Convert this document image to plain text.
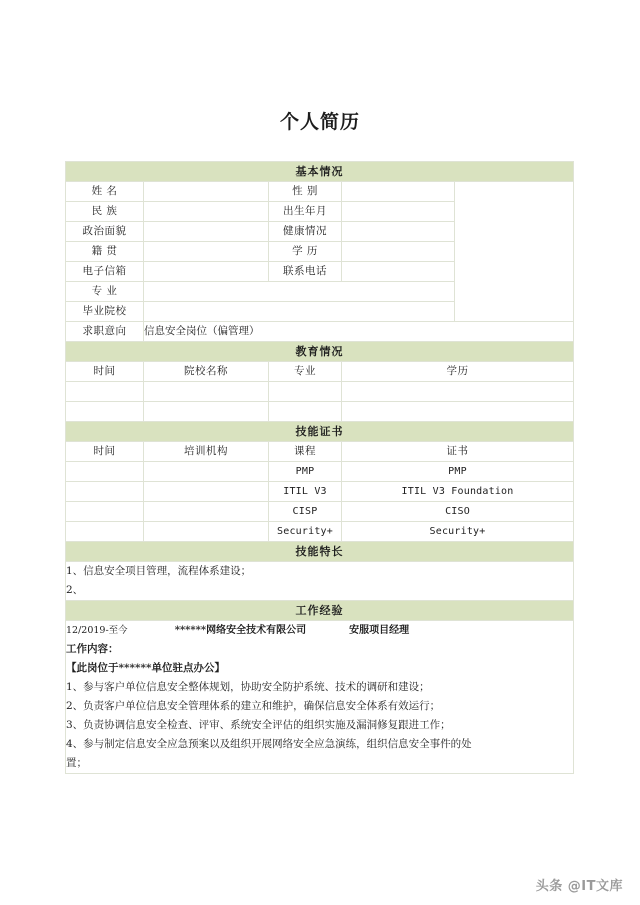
个人简历
基本情况				
姓 名		性 别		
民 族		出生年月		
政治面貌		健康情况		
籍 贯		学 历		
电子信箱		联系电话		
专 业				
毕业院校				
求职意向	信息安全岗位（偏管理）			
教育情况				
时间	院校名称	专业	学历	

技能证书				
时间	培训机构	课程	证书	
		PMP	PMP	
		ITIL V3	ITIL V3 Foundation	
		CISP	CISO	
		Security+	Security+	
技能特长				

1、信息安全项目管理，流程体系建设；
2、				

工作经验				

12/2019-至今	******网络安全技术有限公司	安服项目经理
工作内容：
【此岗位于******单位驻点办公】
1、参与客户单位信息安全整体规划，协助安全防护系统、技术的调研和建设；
2、负责客户单位信息安全管理体系的建立和维护，确保信息安全体系有效运行；
3、负责协调信息安全检查、评审、系统安全评估的组织实施及漏洞修复跟进工作；
4、参与制定信息安全应急预案以及组织开展网络安全应急演练，组织信息安全事件的处
置；
头条 @IT文库
